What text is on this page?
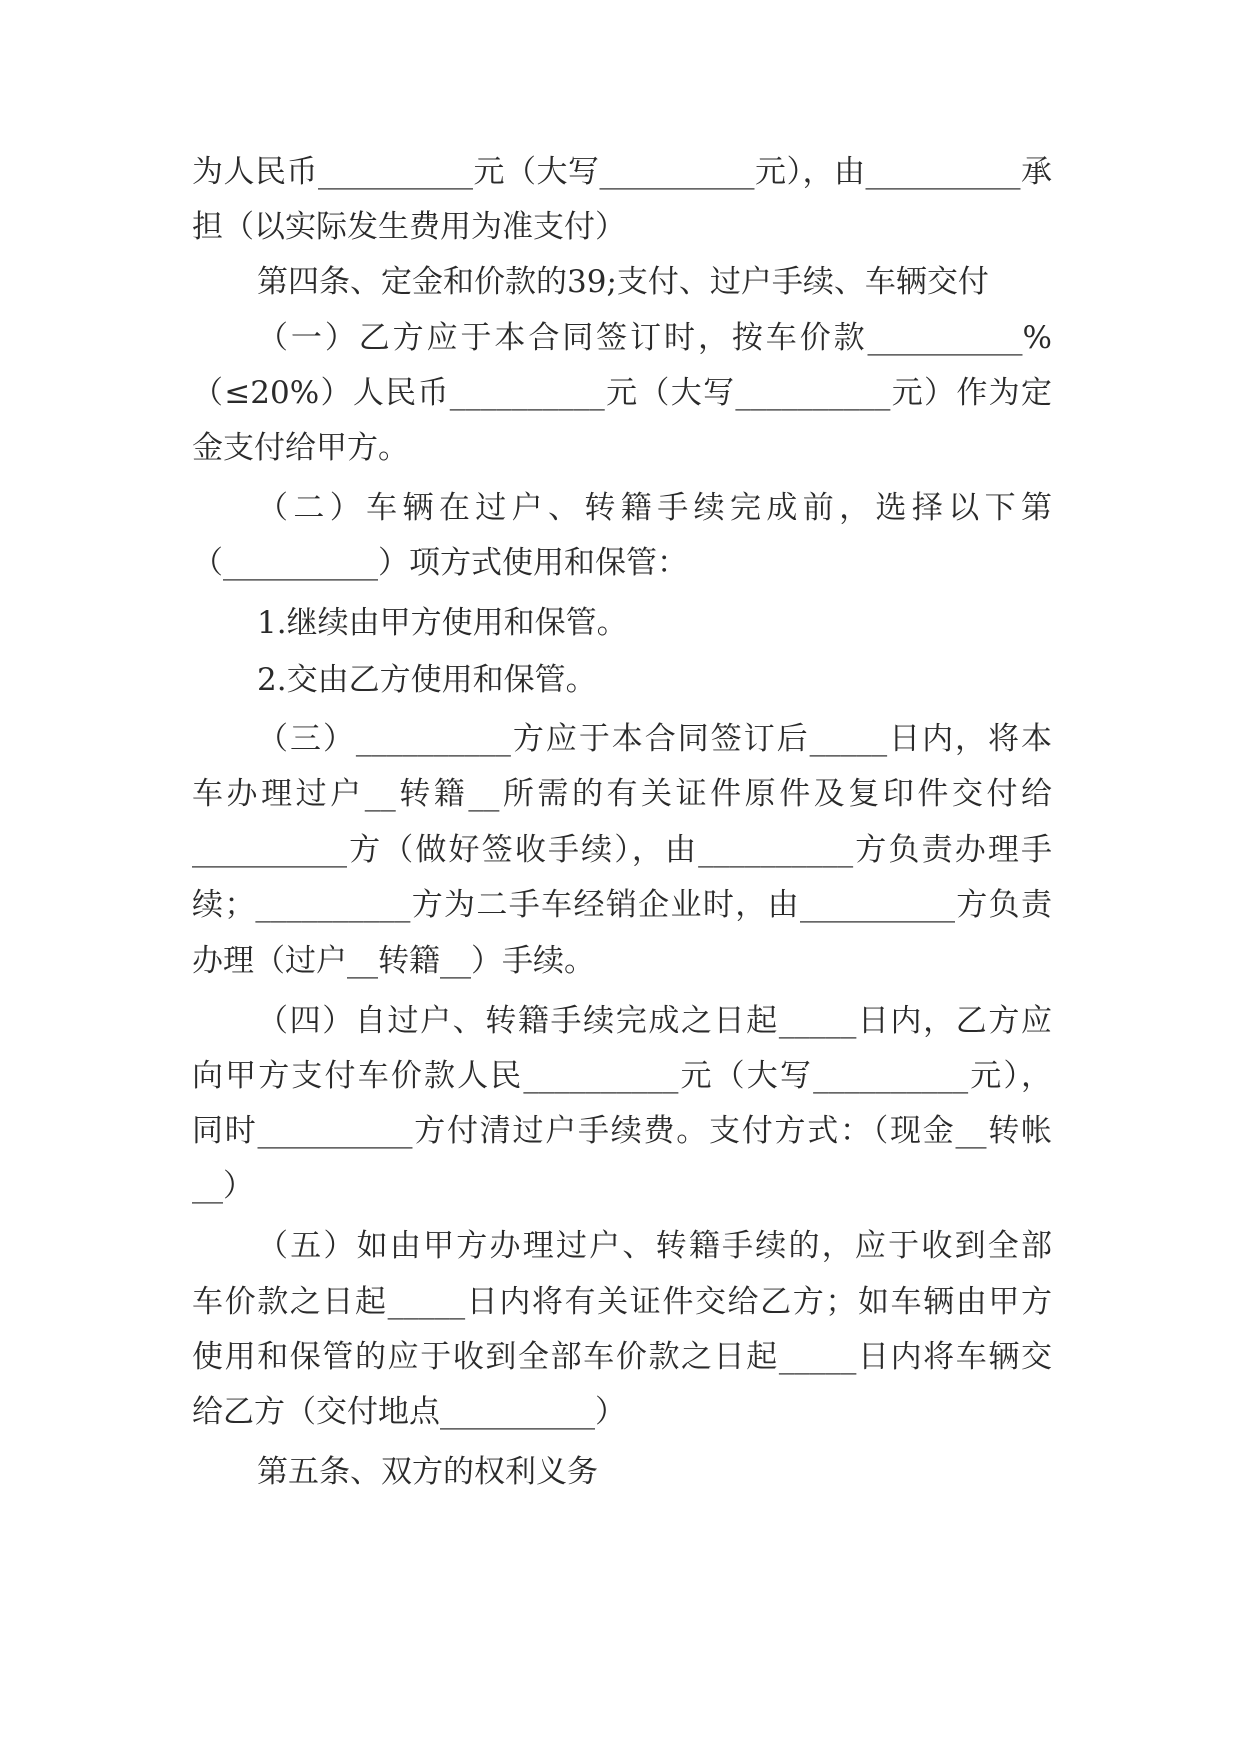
为人民币__________元（大写__________元），由__________承
担（以实际发生费用为准支付）
第四条、定金和价款的39;支付、过户手续、车辆交付
（一）乙方应于本合同签订时，按车价款__________%
（≤20%）人民币__________元（大写__________元）作为定
金支付给甲方。
（二）车辆在过户、转籍手续完成前，选择以下第
（__________）项方式使用和保管：
1.继续由甲方使用和保管。
2.交由乙方使用和保管。
（三）__________方应于本合同签订后_____日内，将本
车办理过户__转籍__所需的有关证件原件及复印件交付给
__________方（做好签收手续），由__________方负责办理手
续；__________方为二手车经销企业时，由__________方负责
办理（过户__转籍__）手续。
（四）自过户、转籍手续完成之日起_____日内，乙方应
向甲方支付车价款人民__________元（大写__________元），
同时__________方付清过户手续费。支付方式：（现金__转帐
__）
（五）如由甲方办理过户、转籍手续的，应于收到全部
车价款之日起_____日内将有关证件交给乙方；如车辆由甲方
使用和保管的应于收到全部车价款之日起_____日内将车辆交
给乙方（交付地点__________）
第五条、双方的权利义务
